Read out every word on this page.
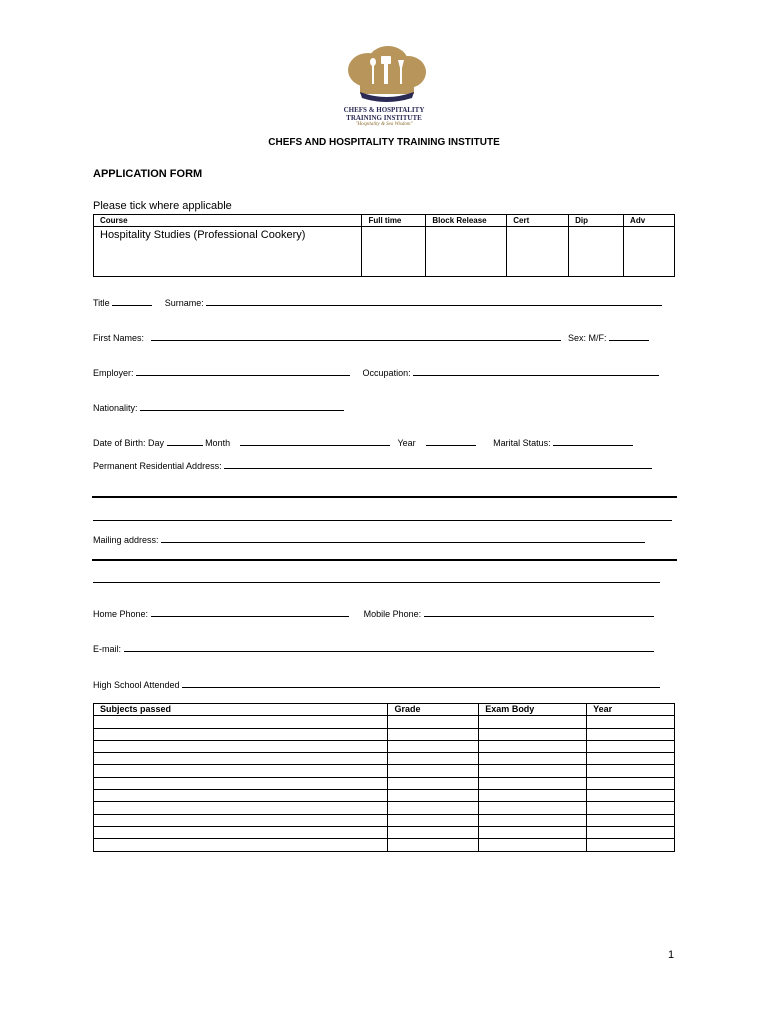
CHEFS & HOSPITALITY
TRAINING INSTITUTE
"Hospitality & Sea Wisdom"
CHEFS AND HOSPITALITY TRAINING INSTITUTE
APPLICATION FORM
Please tick where applicable
Course	Full time	Block Release	Cert	Dip	Adv
Hospitality Studies (Professional Cookery)					
Title	Surname:
First Names:	Sex: M/F:
Employer:	Occupation:
Nationality:
Date of Birth: Day	Month	Year	Marital Status:
Permanent Residential Address:
Mailing address:
Home Phone:	Mobile Phone:
E-mail:
High School Attended
Subjects passed	Grade	Exam Body	Year

1
